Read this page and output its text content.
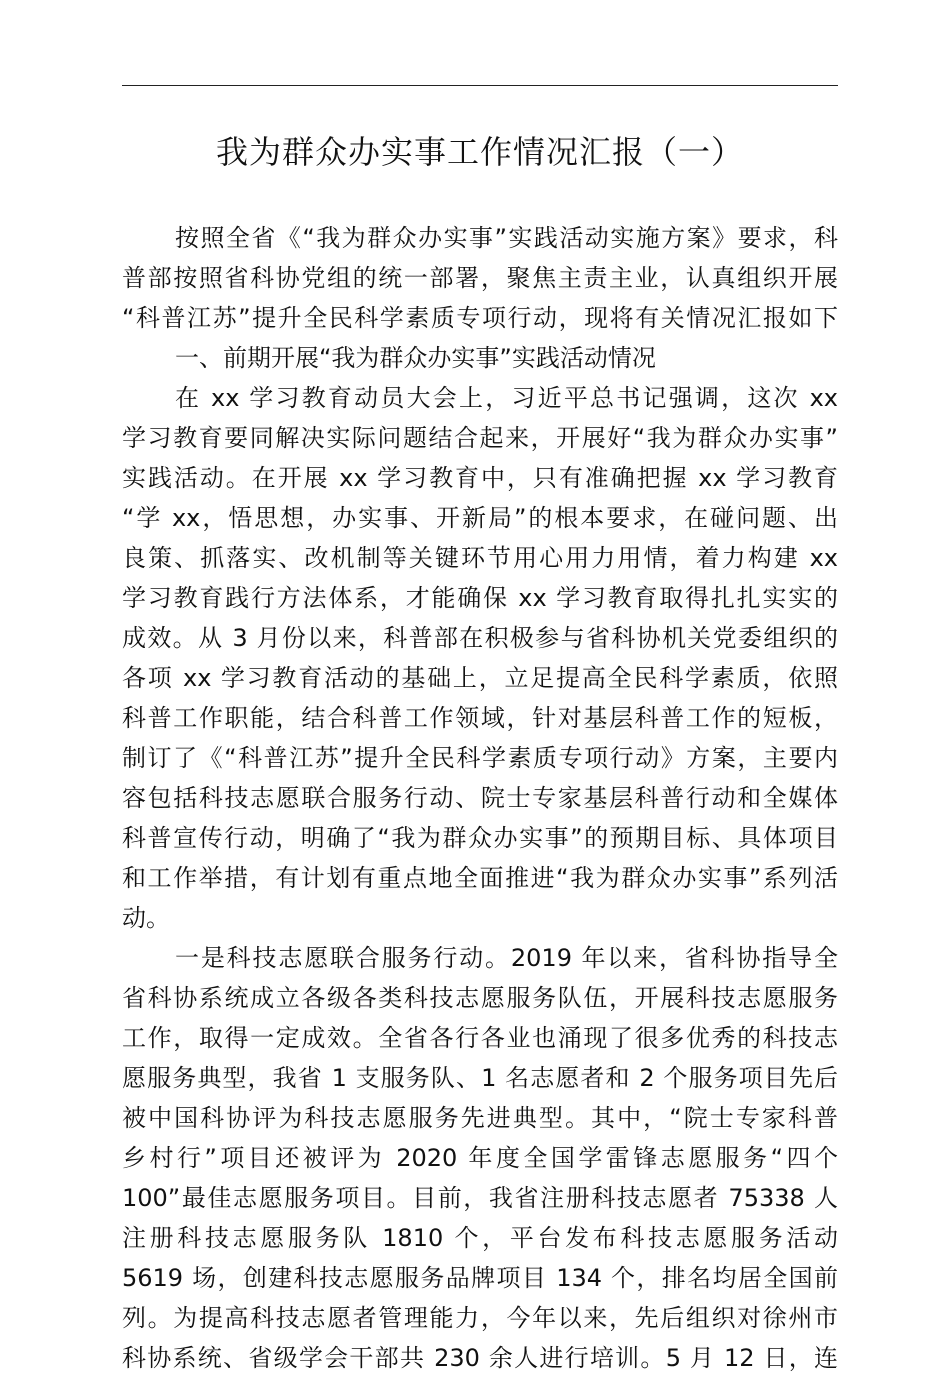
我为群众办实事工作情况汇报（一）
按照全省《“我为群众办实事”实践活动实施方案》要求，科
普部按照省科协党组的统一部署，聚焦主责主业，认真组织开展
“科普江苏”提升全民科学素质专项行动，现将有关情况汇报如下
一、前期开展“我为群众办实事”实践活动情况
在 xx 学习教育动员大会上，习近平总书记强调，这次 xx
学习教育要同解决实际问题结合起来，开展好“我为群众办实事”
实践活动。在开展 xx 学习教育中，只有准确把握 xx 学习教育
“学 xx，悟思想，办实事、开新局”的根本要求，在碰问题、出
良策、抓落实、改机制等关键环节用心用力用情，着力构建 xx
学习教育践行方法体系，才能确保 xx 学习教育取得扎扎实实的
成效。从 3 月份以来，科普部在积极参与省科协机关党委组织的
各项 xx 学习教育活动的基础上，立足提高全民科学素质，依照
科普工作职能，结合科普工作领域，针对基层科普工作的短板，
制订了《“科普江苏”提升全民科学素质专项行动》方案，主要内
容包括科技志愿联合服务行动、院士专家基层科普行动和全媒体
科普宣传行动，明确了“我为群众办实事”的预期目标、具体项目
和工作举措，有计划有重点地全面推进“我为群众办实事”系列活
动。
一是科技志愿联合服务行动。2019 年以来，省科协指导全
省科协系统成立各级各类科技志愿服务队伍，开展科技志愿服务
工作，取得一定成效。全省各行各业也涌现了很多优秀的科技志
愿服务典型，我省 1 支服务队、1 名志愿者和 2 个服务项目先后
被中国科协评为科技志愿服务先进典型。其中，“院士专家科普
乡村行”项目还被评为 2020 年度全国学雷锋志愿服务“四个
100”最佳志愿服务项目。目前，我省注册科技志愿者 75338 人
注册科技志愿服务队 1810 个，平台发布科技志愿服务活动
5619 场，创建科技志愿服务品牌项目 134 个，排名均居全国前
列。为提高科技志愿者管理能力，今年以来，先后组织对徐州市
科协系统、省级学会干部共 230 余人进行培训。5 月 12 日，连
